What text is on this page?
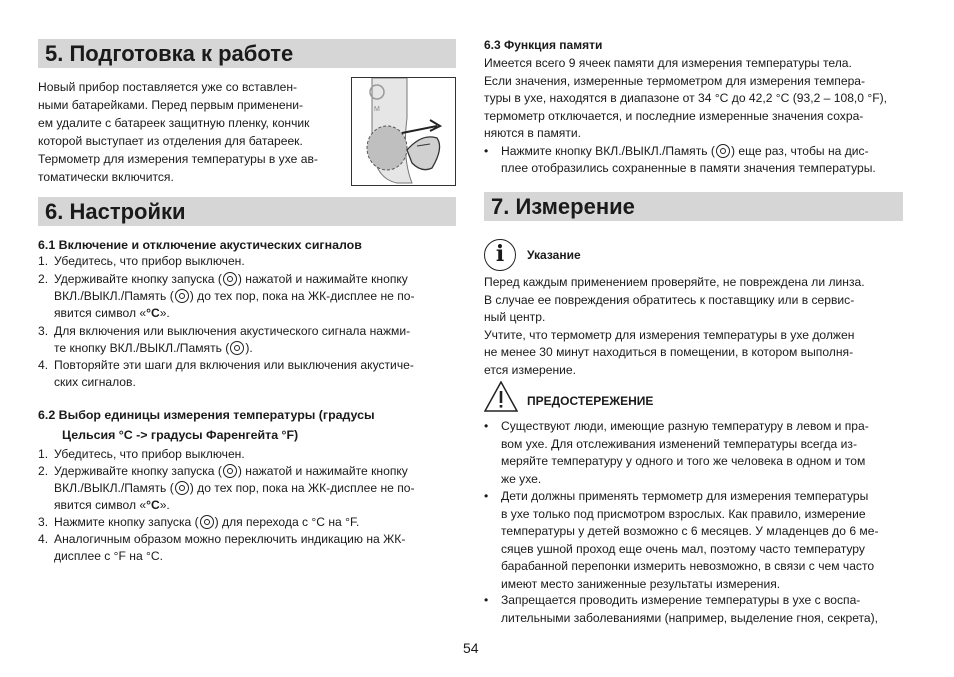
5. Подготовка к работе
Новый прибор поставляется уже со вставлен-
ными батарейками. Перед первым применени-
ем удалите с батареек защитную пленку, кончик
которой выступает из отделения для батареек.
Термометр для измерения температуры в ухе ав-
томатически включится.
M
6. Настройки
6.1 Включение и отключение акустических сигналов
1. Убедитесь, что прибор выключен.
2. Удерживайте кнопку запуска ( ) нажатой и нажимайте кнопку
ВКЛ./ВЫКЛ./Память ( ) до тех пор, пока на ЖК-дисплее не по-
явится символ «°C».
3. Для включения или выключения акустического сигнала нажми-
те кнопку ВКЛ./ВЫКЛ./Память ( ).
4. Повторяйте эти шаги для включения или выключения акустиче-
ских сигналов.
6.2 Выбор единицы измерения температуры (градусы
Цельсия °C -> градусы Фаренгейта °F)
1. Убедитесь, что прибор выключен.
2. Удерживайте кнопку запуска ( ) нажатой и нажимайте кнопку
ВКЛ./ВЫКЛ./Память ( ) до тех пор, пока на ЖК-дисплее не по-
явится символ «°C».
3. Нажмите кнопку запуска ( ) для перехода с °C на °F.
4. Аналогичным образом можно переключить индикацию на ЖК-
дисплее с °F на °C.
6.3 Функция памяти
Имеется всего 9 ячеек памяти для измерения температуры тела.
Если значения, измеренные термометром для измерения темпера-
туры в ухе, находятся в диапазоне от 34 °C до 42,2 °C (93,2 – 108,0 °F),
термометр отключается, и последние измеренные значения сохра-
няются в памяти.
• Нажмите кнопку ВКЛ./ВЫКЛ./Память ( ) еще раз, чтобы на дис-
плее отобразились сохраненные в памяти значения температуры.
7. Измерение
i	Указание
Перед каждым применением проверяйте, не повреждена ли линза.
В случае ее повреждения обратитесь к поставщику или в сервис-
ный центр.
Учтите, что термометр для измерения температуры в ухе должен
не менее 30 минут находиться в помещении, в котором выполня-
ется измерение.
ПРЕДОСТЕРЕЖЕНИЕ
• Существуют люди, имеющие разную температуру в левом и пра-
вом ухе. Для отслеживания изменений температуры всегда из-
меряйте температуру у одного и того же человека в одном и том
же ухе.
• Дети должны применять термометр для измерения температуры
в ухе только под присмотром взрослых. Как правило, измерение
температуры у детей возможно с 6 месяцев. У младенцев до 6 ме-
сяцев ушной проход еще очень мал, поэтому часто температуру
барабанной перепонки измерить невозможно, в связи с чем часто
имеют место заниженные результаты измерения.
• Запрещается проводить измерение температуры в ухе с воспа-
лительными заболеваниями (например, выделение гноя, секрета),
54
